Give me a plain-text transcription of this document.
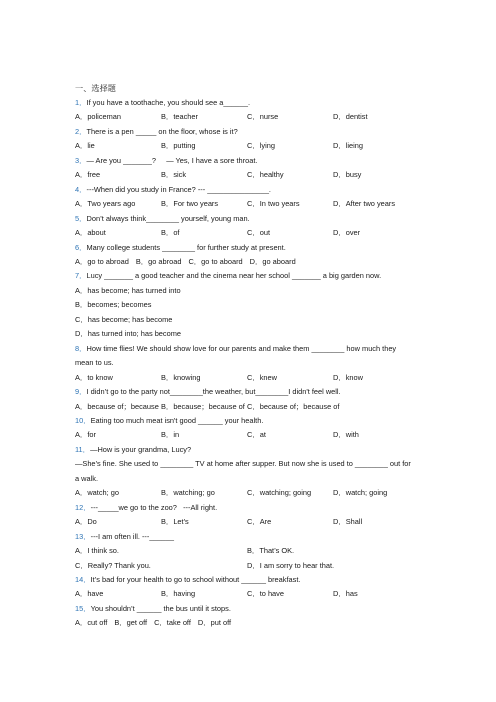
一、选择题
1．If you have a toothache, you should see a______.
A．policeman	B．teacher	C．nurse	D．dentist
2．There is a pen _____ on the floor, whose is it?
A．lie	B．putting	C．lying	D．lieing
3．— Are you _______?     — Yes, I have a sore throat.
A．free	B．sick	C．healthy	D．busy
4．---When did you study in France? --- _______________.
A．Two years ago	B．For two years	C．In two years	D．After two years
5．Don’t always think________ yourself, young man.
A．about	B．of	C．out	D．over
6．Many college students ________ for further study at present.
A．go to abroad B．go abroad C．go to aboard D．go aboard
7．Lucy _______ a good teacher and the cinema near her school _______ a big garden now.
A．has become; has turned into
B．becomes; becomes
C．has become; has become
D．has turned into; has become
8．How time flies! We should show love for our parents and make them ________ how much they mean to us.
A．to know	B．knowing	C．knew	D．know
9．I didn’t go to the party not________the weather, but________I didn't feel well.
A．because of；because B．because；because of C．because of；because of
10．Eating too much meat isn't good ______ your health.
A．for	B．in	C．at	D．with
11．—How is your grandma, Lucy?
—She’s fine. She used to ________ TV at home after supper. But now she is used to ________ out for a walk.
A．watch; go	B．watching; go	C．watching; going	D．watch; going
12．---_____we go to the zoo?   ---All right.
A．Do	B．Let's	C．Are	D．Shall
13．---I am often ill. ---______
A．I think so.	B．That’s OK.
C．Really? Thank you.	D．I am sorry to hear that.
14．It’s bad for your health to go to school without ______ breakfast.
A．have	B．having	C．to have	D．has
15．You shouldn’t ______ the bus until it stops.
A．cut off B．get off C．take off D．put off
